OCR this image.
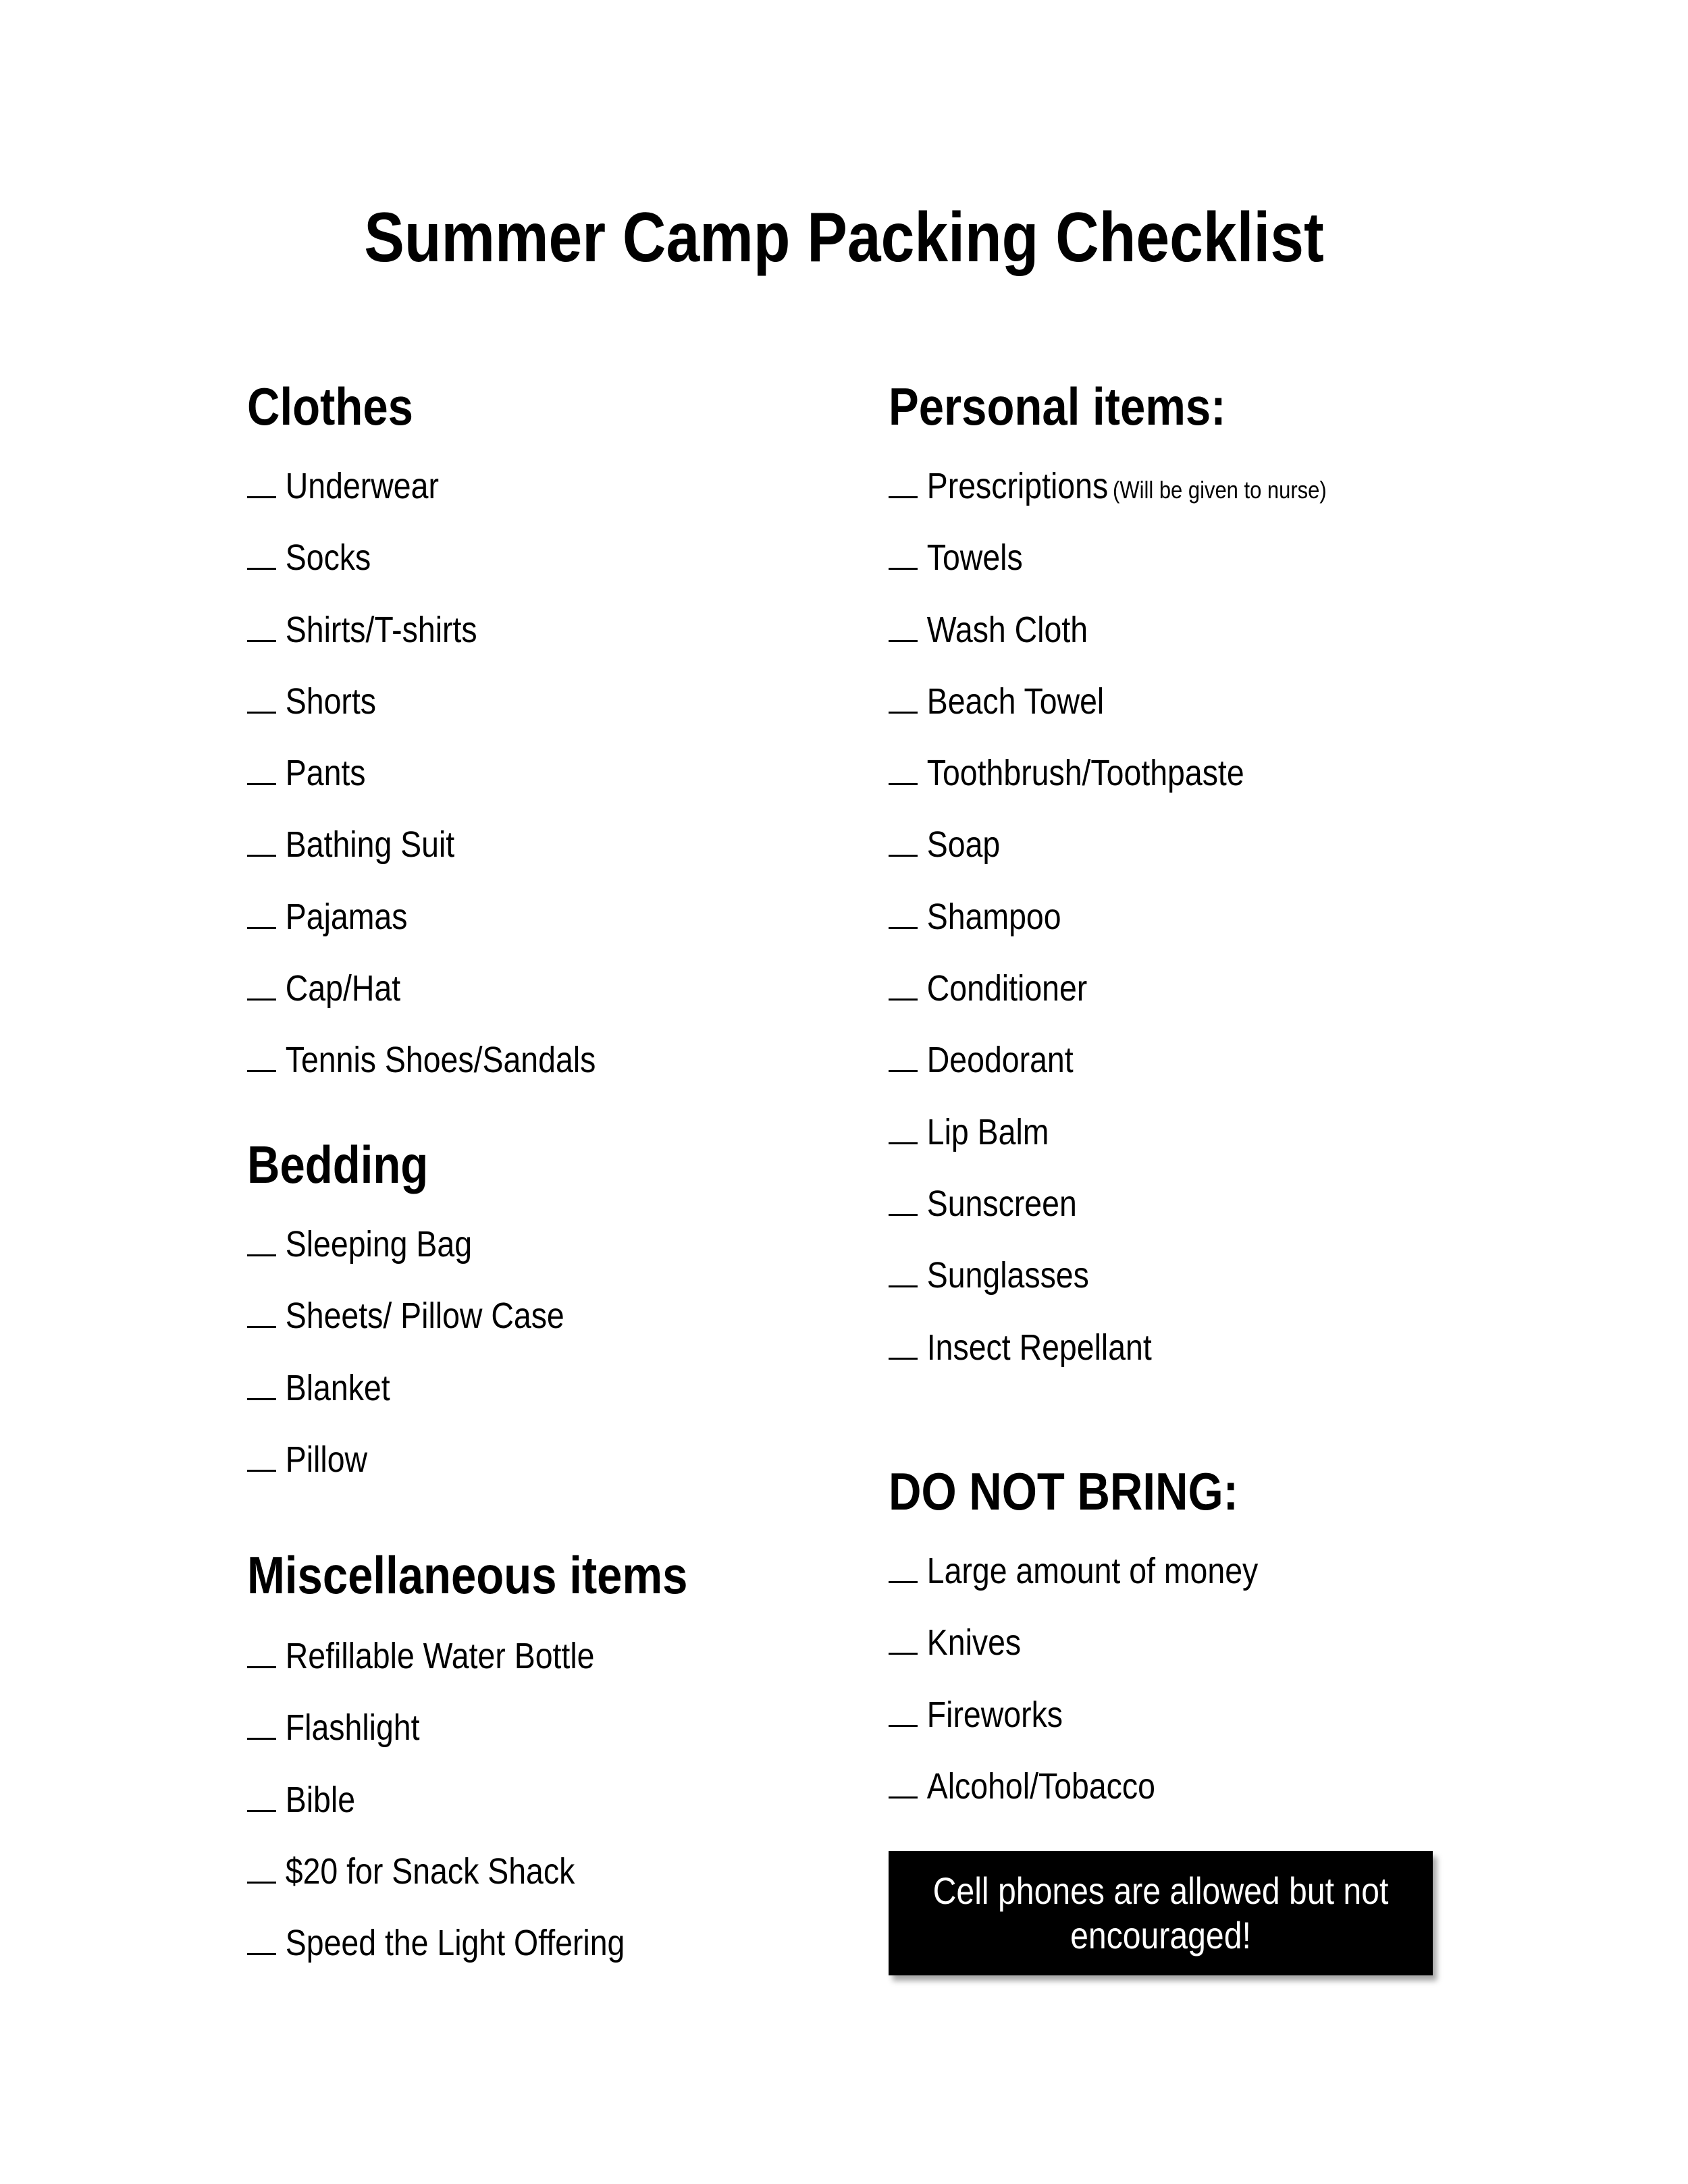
Summer Camp Packing Checklist
Clothes
Underwear
Socks
Shirts/T-shirts
Shorts
Pants
Bathing Suit
Pajamas
Cap/Hat
Tennis Shoes/Sandals
Bedding
Sleeping Bag
Sheets/ Pillow Case
Blanket
Pillow
Miscellaneous items
Refillable Water Bottle
Flashlight
Bible
$20 for Snack Shack
Speed the Light Offering
Personal items:
Prescriptions (Will be given to nurse)
Towels
Wash Cloth
Beach Towel
Toothbrush/Toothpaste
Soap
Shampoo
Conditioner
Deodorant
Lip Balm
Sunscreen
Sunglasses
Insect Repellant
DO NOT BRING:
Large amount of money
Knives
Fireworks
Alcohol/Tobacco
Cell phones are allowed but not encouraged!
